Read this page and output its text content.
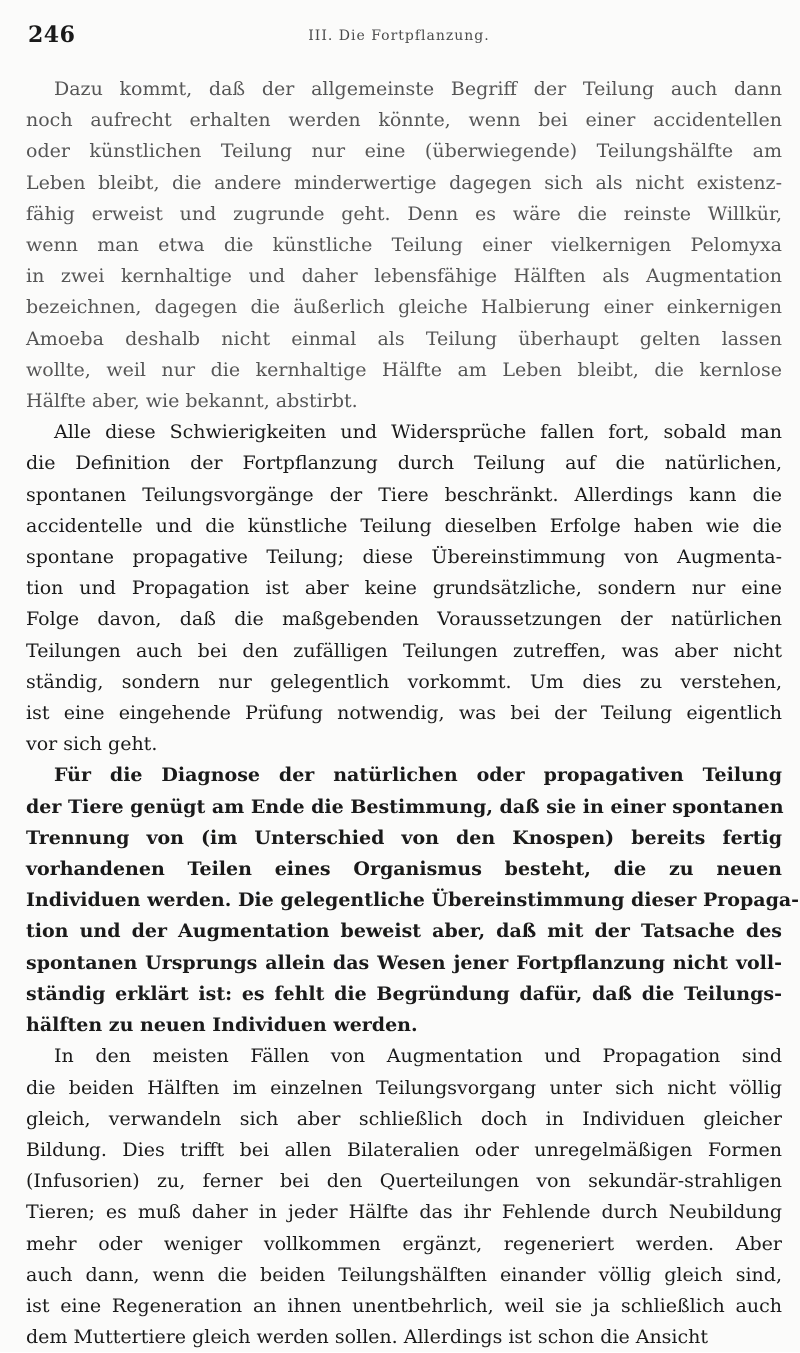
246	III. Die Fortpflanzung.

Dazu kommt, daß der allgemeinste Begriff der Teilung auch dann
noch aufrecht erhalten werden könnte, wenn bei einer accidentellen
oder künstlichen Teilung nur eine (überwiegende) Teilungshälfte am
Leben bleibt, die andere minderwertige dagegen sich als nicht existenz-
fähig erweist und zugrunde geht. Denn es wäre die reinste Willkür,
wenn man etwa die künstliche Teilung einer vielkernigen Pelomyxa
in zwei kernhaltige und daher lebensfähige Hälften als Augmentation
bezeichnen, dagegen die äußerlich gleiche Halbierung einer einkernigen
Amoeba deshalb nicht einmal als Teilung überhaupt gelten lassen
wollte, weil nur die kernhaltige Hälfte am Leben bleibt, die kernlose
Hälfte aber, wie bekannt, abstirbt.

Alle diese Schwierigkeiten und Widersprüche fallen fort, sobald man
die Definition der Fortpflanzung durch Teilung auf die natürlichen,
spontanen Teilungsvorgänge der Tiere beschränkt. Allerdings kann die
accidentelle und die künstliche Teilung dieselben Erfolge haben wie die
spontane propagative Teilung; diese Übereinstimmung von Augmenta-
tion und Propagation ist aber keine grundsätzliche, sondern nur eine
Folge davon, daß die maßgebenden Voraussetzungen der natürlichen
Teilungen auch bei den zufälligen Teilungen zutreffen, was aber nicht
ständig, sondern nur gelegentlich vorkommt. Um dies zu verstehen,
ist eine eingehende Prüfung notwendig, was bei der Teilung eigentlich
vor sich geht.

Für die Diagnose der natürlichen oder propagativen Teilung
der Tiere genügt am Ende die Bestimmung, daß sie in einer spontanen
Trennung von (im Unterschied von den Knospen) bereits fertig
vorhandenen Teilen eines Organismus besteht, die zu neuen
Individuen werden. Die gelegentliche Übereinstimmung dieser Propaga-
tion und der Augmentation beweist aber, daß mit der Tatsache des
spontanen Ursprungs allein das Wesen jener Fortpflanzung nicht voll-
ständig erklärt ist: es fehlt die Begründung dafür, daß die Teilungs-
hälften zu neuen Individuen werden.

In den meisten Fällen von Augmentation und Propagation sind
die beiden Hälften im einzelnen Teilungsvorgang unter sich nicht völlig
gleich, verwandeln sich aber schließlich doch in Individuen gleicher
Bildung. Dies trifft bei allen Bilateralien oder unregelmäßigen Formen
(Infusorien) zu, ferner bei den Querteilungen von sekundär-strahligen
Tieren; es muß daher in jeder Hälfte das ihr Fehlende durch Neubildung
mehr oder weniger vollkommen ergänzt, regeneriert werden. Aber
auch dann, wenn die beiden Teilungshälften einander völlig gleich sind,
ist eine Regeneration an ihnen unentbehrlich, weil sie ja schließlich auch
dem Muttertiere gleich werden sollen. Allerdings ist schon die Ansicht
